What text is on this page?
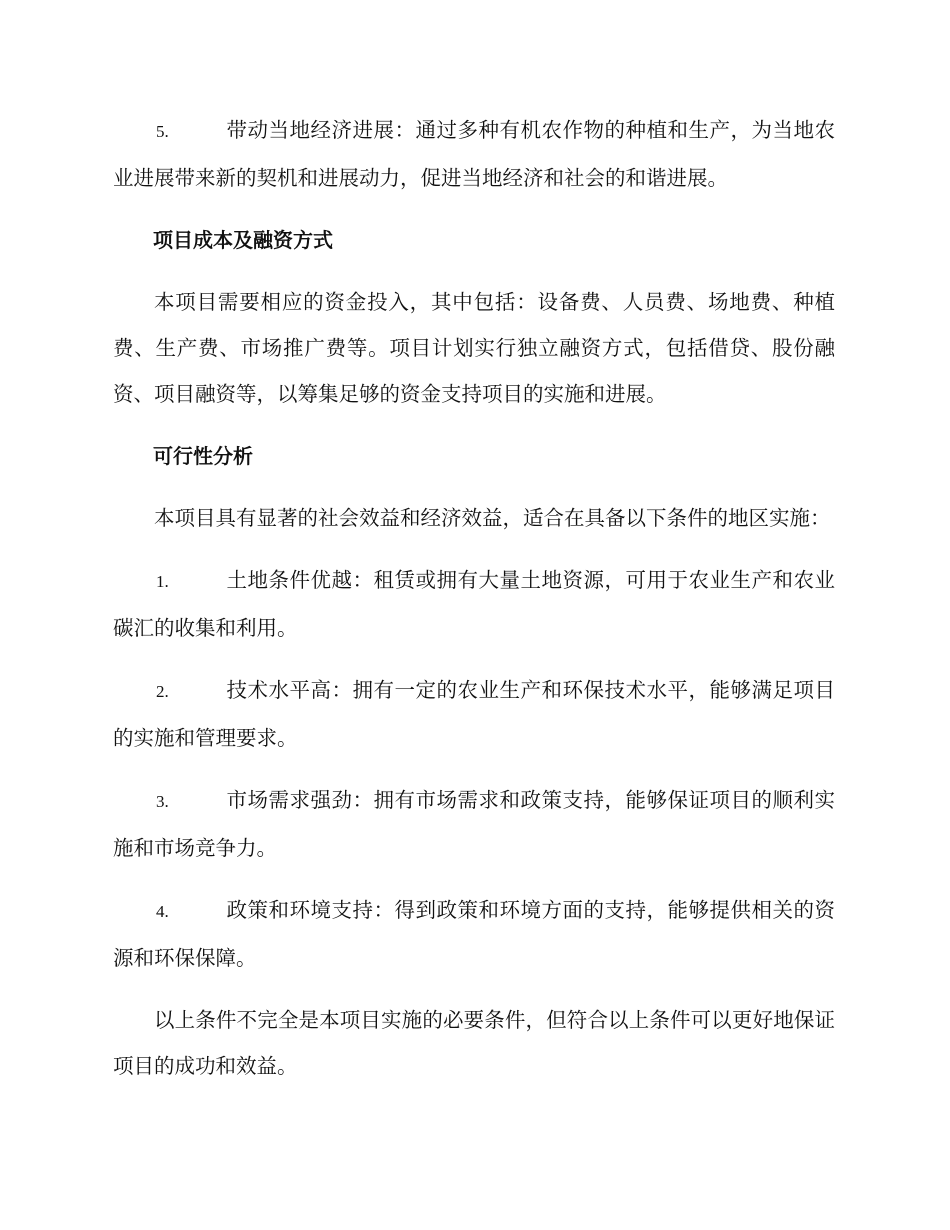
5.	带动当地经济进展：通过多种有机农作物的种植和生产，为当地农业进展带来新的契机和进展动力，促进当地经济和社会的和谐进展。

项目成本及融资方式

本项目需要相应的资金投入，其中包括：设备费、人员费、场地费、种植费、生产费、市场推广费等。项目计划实行独立融资方式，包括借贷、股份融资、项目融资等，以筹集足够的资金支持项目的实施和进展。

可行性分析

本项目具有显著的社会效益和经济效益，适合在具备以下条件的地区实施：

1.	土地条件优越：租赁或拥有大量土地资源，可用于农业生产和农业碳汇的收集和利用。

2.	技术水平高：拥有一定的农业生产和环保技术水平，能够满足项目的实施和管理要求。

3.	市场需求强劲：拥有市场需求和政策支持，能够保证项目的顺利实施和市场竞争力。

4.	政策和环境支持：得到政策和环境方面的支持，能够提供相关的资源和环保保障。

以上条件不完全是本项目实施的必要条件，但符合以上条件可以更好地保证项目的成功和效益。
